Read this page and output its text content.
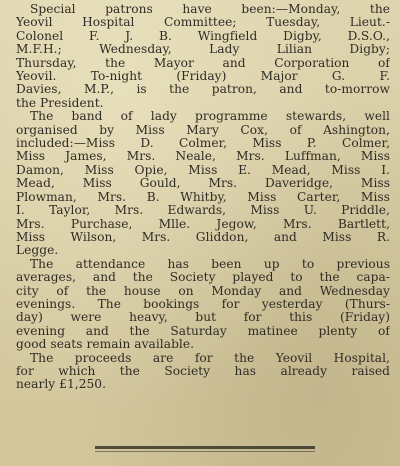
Special patrons have been:—Monday, the
Yeovil Hospital Committee; Tuesday, Lieut.-
Colonel F. J. B. Wingfield Digby, D.S.O.,
M.F.H.; Wednesday, Lady Lilian Digby;
Thursday, the Mayor and Corporation of
Yeovil. To-night (Friday) Major G. F.
Davies, M.P., is the patron, and to-morrow
the President.

The band of lady programme stewards, well
organised by Miss Mary Cox, of Ashington,
included:—Miss D. Colmer, Miss P. Colmer,
Miss James, Mrs. Neale, Mrs. Luffman, Miss
Damon, Miss Opie, Miss E. Mead, Miss I.
Mead, Miss Gould, Mrs. Daveridge, Miss
Plowman, Mrs. B. Whitby, Miss Carter, Miss
I. Taylor, Mrs. Edwards, Miss U. Priddle,
Mrs. Purchase, Mlle. Jegow, Mrs. Bartlett,
Miss Wilson, Mrs. Gliddon, and Miss R.
Legge.

The attendance has been up to previous
averages, and the Society played to the capa-
city of the house on Monday and Wednesday
evenings. The bookings for yesterday (Thurs-
day) were heavy, but for this (Friday)
evening and the Saturday matinee plenty of
good seats remain available.

The proceeds are for the Yeovil Hospital,
for which the Society has already raised
nearly £1,250.
